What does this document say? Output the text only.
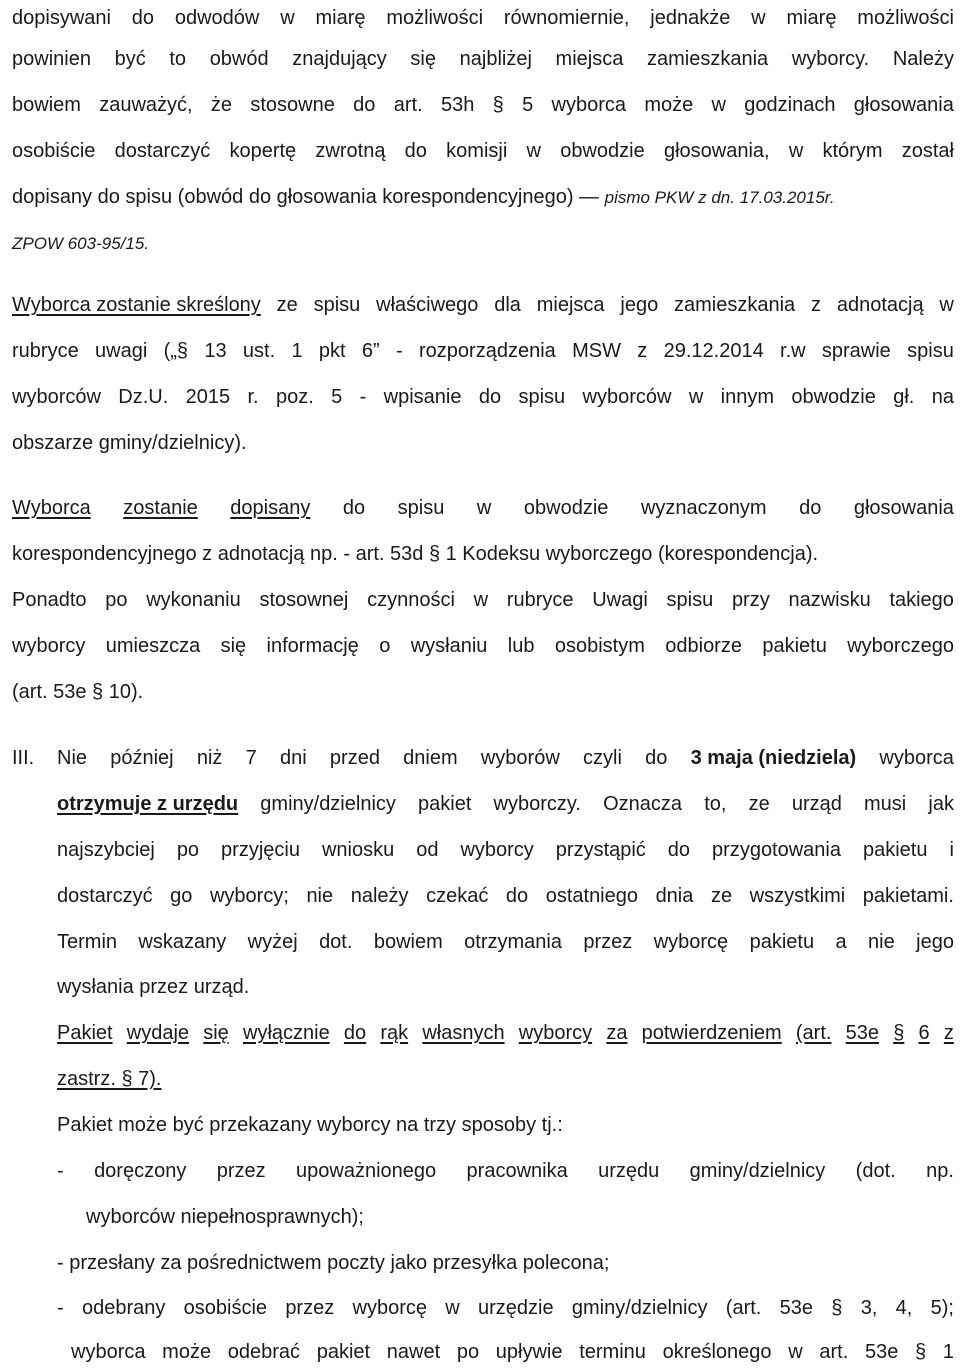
dopisywani do odwodów w miarę możliwości równomiernie, jednakże w miarę możliwości
powinien być to obwód znajdujący się najbliżej miejsca zamieszkania wyborcy. Należy
bowiem zauważyć, że stosowne do art. 53h § 5 wyborca może w godzinach głosowania
osobiście dostarczyć kopertę zwrotną do komisji w obwodzie głosowania, w którym został
dopisany do spisu (obwód do głosowania korespondencyjnego) — pismo PKW z dn. 17.03.2015r.
ZPOW 603-95/15.
Wyborca zostanie skreślony ze spisu właściwego dla miejsca jego zamieszkania z adnotacją w
rubryce uwagi („§ 13 ust. 1 pkt 6” - rozporządzenia MSW z 29.12.2014 r.w sprawie spisu
wyborców Dz.U. 2015 r. poz. 5 - wpisanie do spisu wyborców w innym obwodzie gł. na
obszarze gminy/dzielnicy).
Wyborca zostanie dopisany do spisu w obwodzie wyznaczonym do głosowania
korespondencyjnego z adnotacją np. - art. 53d § 1 Kodeksu wyborczego (korespondencja).
Ponadto po wykonaniu stosownej czynności w rubryce Uwagi spisu przy nazwisku takiego
wyborcy umieszcza się informację o wysłaniu lub osobistym odbiorze pakietu wyborczego
(art. 53e § 10).
III. Nie później niż 7 dni przed dniem wyborów czyli do 3 maja (niedziela) wyborca
otrzymuje z urzędu gminy/dzielnicy pakiet wyborczy. Oznacza to, ze urząd musi jak
najszybciej po przyjęciu wniosku od wyborcy przystąpić do przygotowania pakietu i
dostarczyć go wyborcy; nie należy czekać do ostatniego dnia ze wszystkimi pakietami.
Termin wskazany wyżej dot. bowiem otrzymania przez wyborcę pakietu a nie jego
wysłania przez urząd.
Pakiet wydaje się wyłącznie do rąk własnych wyborcy za potwierdzeniem (art. 53e § 6 z
zastrz. § 7).
Pakiet może być przekazany wyborcy na trzy sposoby tj.:
- doręczony przez upoważnionego pracownika urzędu gminy/dzielnicy (dot. np.
wyborców niepełnosprawnych);
- przesłany za pośrednictwem poczty jako przesyłka polecona;
- odebrany osobiście przez wyborcę w urzędzie gminy/dzielnicy (art. 53e § 3, 4, 5);
wyborca może odebrać pakiet nawet po upływie terminu określonego w art. 53e § 1
